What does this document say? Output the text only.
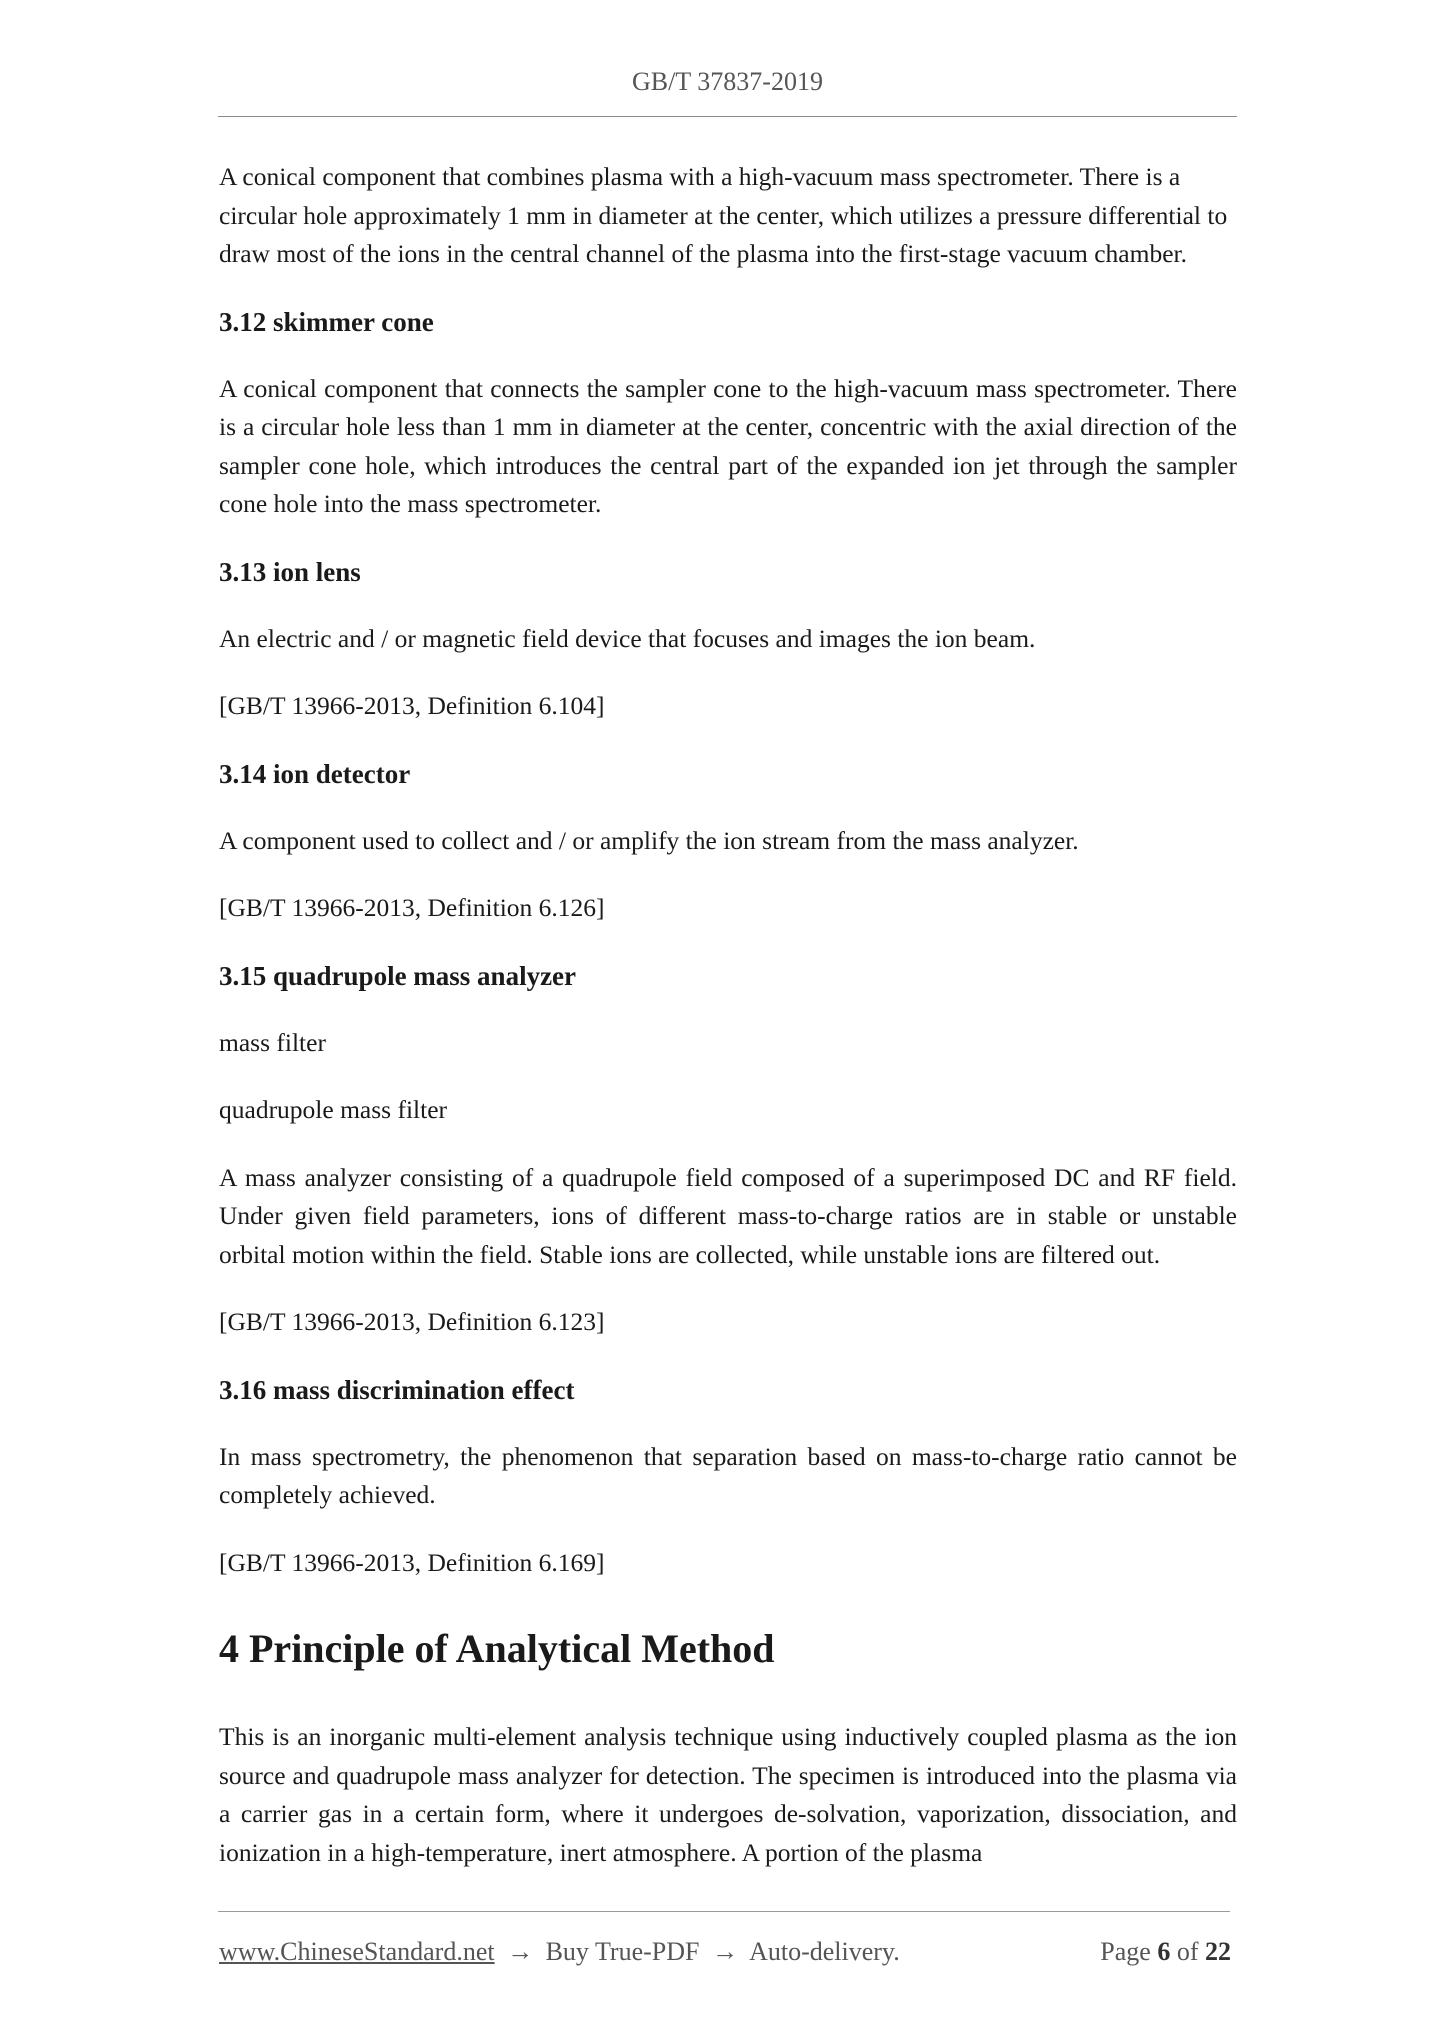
GB/T 37837-2019

A conical component that combines plasma with a high-vacuum mass spectrometer. There is a circular hole approximately 1 mm in diameter at the center, which utilizes a pressure differential to draw most of the ions in the central channel of the plasma into the first-stage vacuum chamber.

3.12 skimmer cone

A conical component that connects the sampler cone to the high-vacuum mass spectrometer. There is a circular hole less than 1 mm in diameter at the center, concentric with the axial direction of the sampler cone hole, which introduces the central part of the expanded ion jet through the sampler cone hole into the mass spectrometer.

3.13 ion lens

An electric and / or magnetic field device that focuses and images the ion beam.

[GB/T 13966-2013, Definition 6.104]

3.14 ion detector

A component used to collect and / or amplify the ion stream from the mass analyzer.

[GB/T 13966-2013, Definition 6.126]

3.15 quadrupole mass analyzer

mass filter

quadrupole mass filter

A mass analyzer consisting of a quadrupole field composed of a superimposed DC and RF field. Under given field parameters, ions of different mass-to-charge ratios are in stable or unstable orbital motion within the field. Stable ions are collected, while unstable ions are filtered out.

[GB/T 13966-2013, Definition 6.123]

3.16 mass discrimination effect

In mass spectrometry, the phenomenon that separation based on mass-to-charge ratio cannot be completely achieved.

[GB/T 13966-2013, Definition 6.169]

4 Principle of Analytical Method

This is an inorganic multi-element analysis technique using inductively coupled plasma as the ion source and quadrupole mass analyzer for detection. The specimen is introduced into the plasma via a carrier gas in a certain form, where it undergoes de-solvation, vaporization, dissociation, and ionization in a high-temperature, inert atmosphere. A portion of the plasma

www.ChineseStandard.net → Buy True-PDF → Auto-delivery.	Page 6 of 22
